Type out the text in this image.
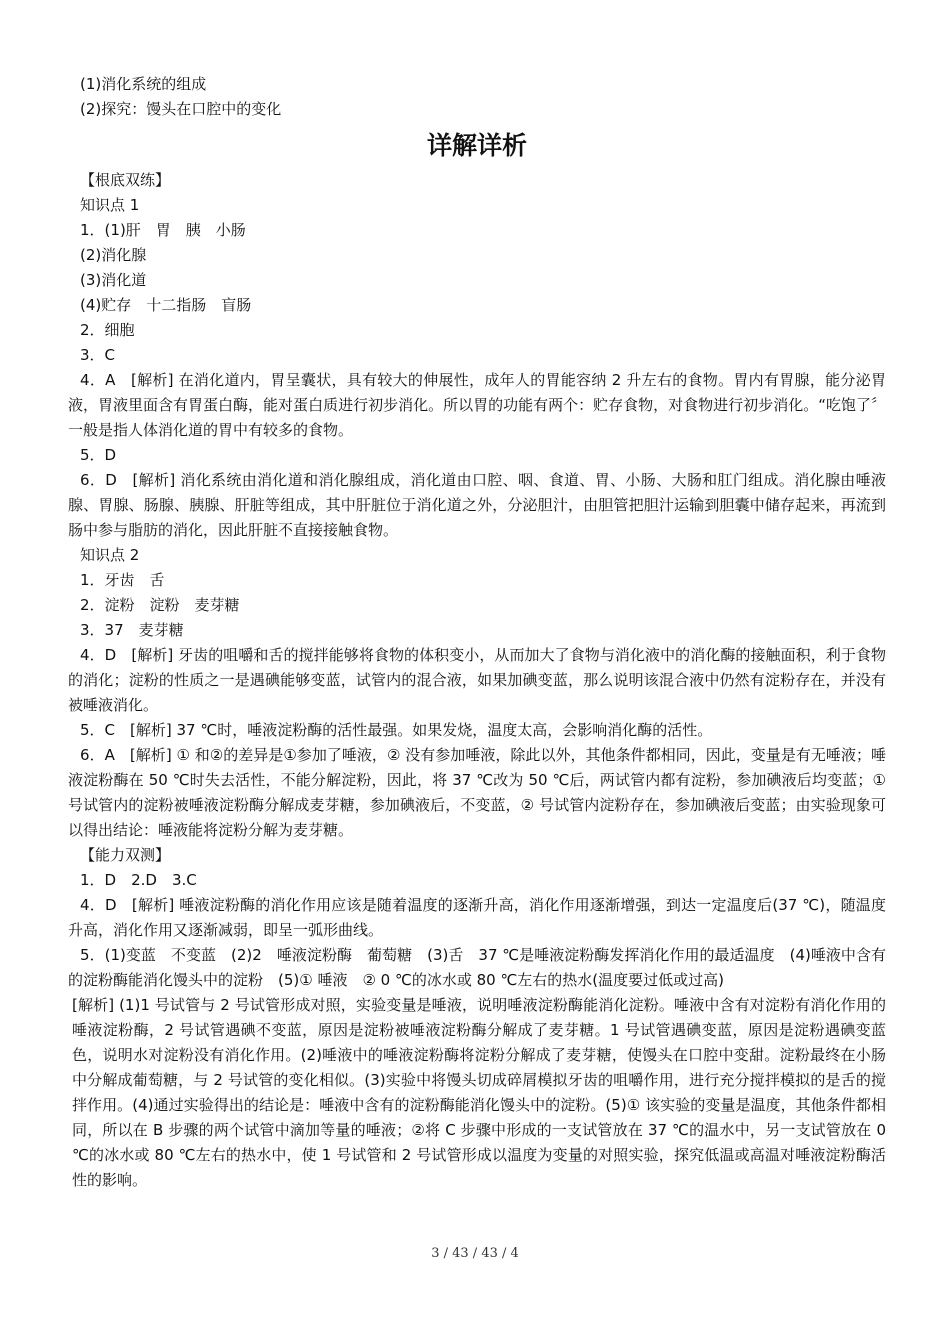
(1)消化系统的组成

(2)探究：馒头在口腔中的变化

详解详析

【根底双练】

知识点 1

1．(1)肝　胃　胰　小肠

(2)消化腺

(3)消化道

(4)贮存　十二指肠　盲肠

2．细胞

3．C

4．A　[解析] 在消化道内，胃呈囊状，具有较大的伸展性，成年人的胃能容纳 2 升左右的食物。胃内有胃腺，能分泌胃液，胃液里面含有胃蛋白酶，能对蛋白质进行初步消化。所以胃的功能有两个：贮存食物，对食物进行初步消化。“吃饱了〞一般是指人体消化道的胃中有较多的食物。

5．D

6．D　[解析] 消化系统由消化道和消化腺组成，消化道由口腔、咽、食道、胃、小肠、大肠和肛门组成。消化腺由唾液腺、胃腺、肠腺、胰腺、肝脏等组成，其中肝脏位于消化道之外，分泌胆汁，由胆管把胆汁运输到胆囊中储存起来，再流到肠中参与脂肪的消化，因此肝脏不直接接触食物。

知识点 2

1．牙齿　舌

2．淀粉　淀粉　麦芽糖

3．37　麦芽糖

4．D　[解析] 牙齿的咀嚼和舌的搅拌能够将食物的体积变小，从而加大了食物与消化液中的消化酶的接触面积，利于食物的消化；淀粉的性质之一是遇碘能够变蓝，试管内的混合液，如果加碘变蓝，那么说明该混合液中仍然有淀粉存在，并没有被唾液消化。

5．C　[解析] 37 ℃时，唾液淀粉酶的活性最强。如果发烧，温度太高，会影响消化酶的活性。

6．A　[解析] ① 和②的差异是①参加了唾液，② 没有参加唾液，除此以外，其他条件都相同，因此，变量是有无唾液；唾液淀粉酶在 50 ℃时失去活性，不能分解淀粉，因此，将 37 ℃改为 50 ℃后，两试管内都有淀粉，参加碘液后均变蓝；①号试管内的淀粉被唾液淀粉酶分解成麦芽糖，参加碘液后，不变蓝，② 号试管内淀粉存在，参加碘液后变蓝；由实验现象可以得出结论：唾液能将淀粉分解为麦芽糖。

【能力双测】

1．D　2.D　3.C

4．D　[解析] 唾液淀粉酶的消化作用应该是随着温度的逐渐升高，消化作用逐渐增强，到达一定温度后(37 ℃)，随温度升高，消化作用又逐渐减弱，即呈一弧形曲线。

5．(1)变蓝　不变蓝　(2)2　唾液淀粉酶　葡萄糖　(3)舌　37 ℃是唾液淀粉酶发挥消化作用的最适温度　(4)唾液中含有的淀粉酶能消化馒头中的淀粉　(5)① 唾液　② 0 ℃的冰水或 80 ℃左右的热水(温度要过低或过高)

[解析] (1)1 号试管与 2 号试管形成对照，实验变量是唾液，说明唾液淀粉酶能消化淀粉。唾液中含有对淀粉有消化作用的唾液淀粉酶，2 号试管遇碘不变蓝，原因是淀粉被唾液淀粉酶分解成了麦芽糖。1 号试管遇碘变蓝，原因是淀粉遇碘变蓝色，说明水对淀粉没有消化作用。(2)唾液中的唾液淀粉酶将淀粉分解成了麦芽糖，使馒头在口腔中变甜。淀粉最终在小肠中分解成葡萄糖，与 2 号试管的变化相似。(3)实验中将馒头切成碎屑模拟牙齿的咀嚼作用，进行充分搅拌模拟的是舌的搅拌作用。(4)通过实验得出的结论是：唾液中含有的淀粉酶能消化馒头中的淀粉。(5)① 该实验的变量是温度，其他条件都相同，所以在 B 步骤的两个试管中滴加等量的唾液；②将 C 步骤中形成的一支试管放在 37 ℃的温水中，另一支试管放在 0 ℃的冰水或 80 ℃左右的热水中，使 1 号试管和 2 号试管形成以温度为变量的对照实验，探究低温或高温对唾液淀粉酶活性的影响。

3 / 43 / 43 / 4
